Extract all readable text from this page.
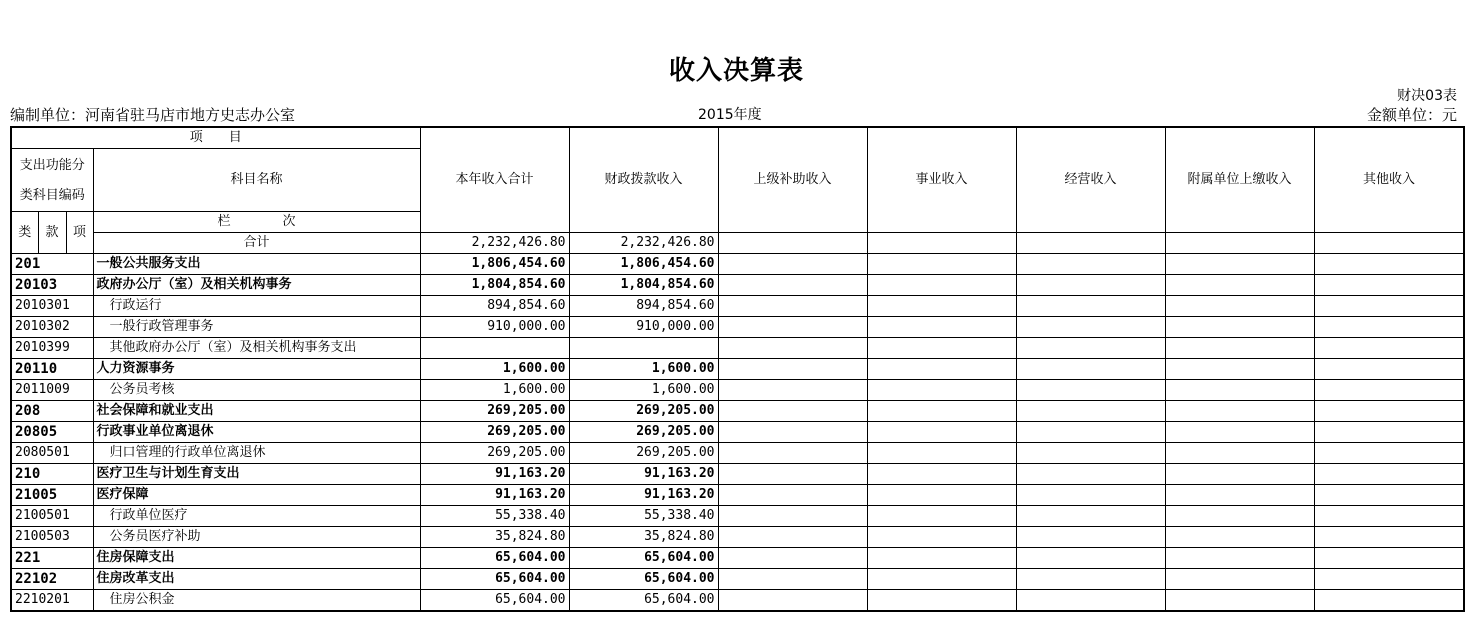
收入决算表
财决03表
编制单位：河南省驻马店市地方史志办公室	2015年度	金额单位：元
项　　目				本年收入合计	财政拨款收入	上级补助收入	事业收入	经营收入	附属单位上缴收入	其他收入	

支出功能分
类科目编码			科目名称								
类	款	项	栏　　　　次							
			合计	2,232,426.80	2,232,426.80						
201			一般公共服务支出	1,806,454.60	1,806,454.60						
20103			政府办公厅（室）及相关机构事务	1,804,854.60	1,804,854.60						
2010301			行政运行	894,854.60	894,854.60						
2010302			一般行政管理事务	910,000.00	910,000.00						
2010399			其他政府办公厅（室）及相关机构事务支出								
20110			人力资源事务	1,600.00	1,600.00						
2011009			公务员考核	1,600.00	1,600.00						
208			社会保障和就业支出	269,205.00	269,205.00						
20805			行政事业单位离退休	269,205.00	269,205.00						
2080501			归口管理的行政单位离退休	269,205.00	269,205.00						
210			医疗卫生与计划生育支出	91,163.20	91,163.20						
21005			医疗保障	91,163.20	91,163.20						
2100501			行政单位医疗	55,338.40	55,338.40						
2100503			公务员医疗补助	35,824.80	35,824.80						
221			住房保障支出	65,604.00	65,604.00						
22102			住房改革支出	65,604.00	65,604.00						
2210201			住房公积金	65,604.00	65,604.00						
